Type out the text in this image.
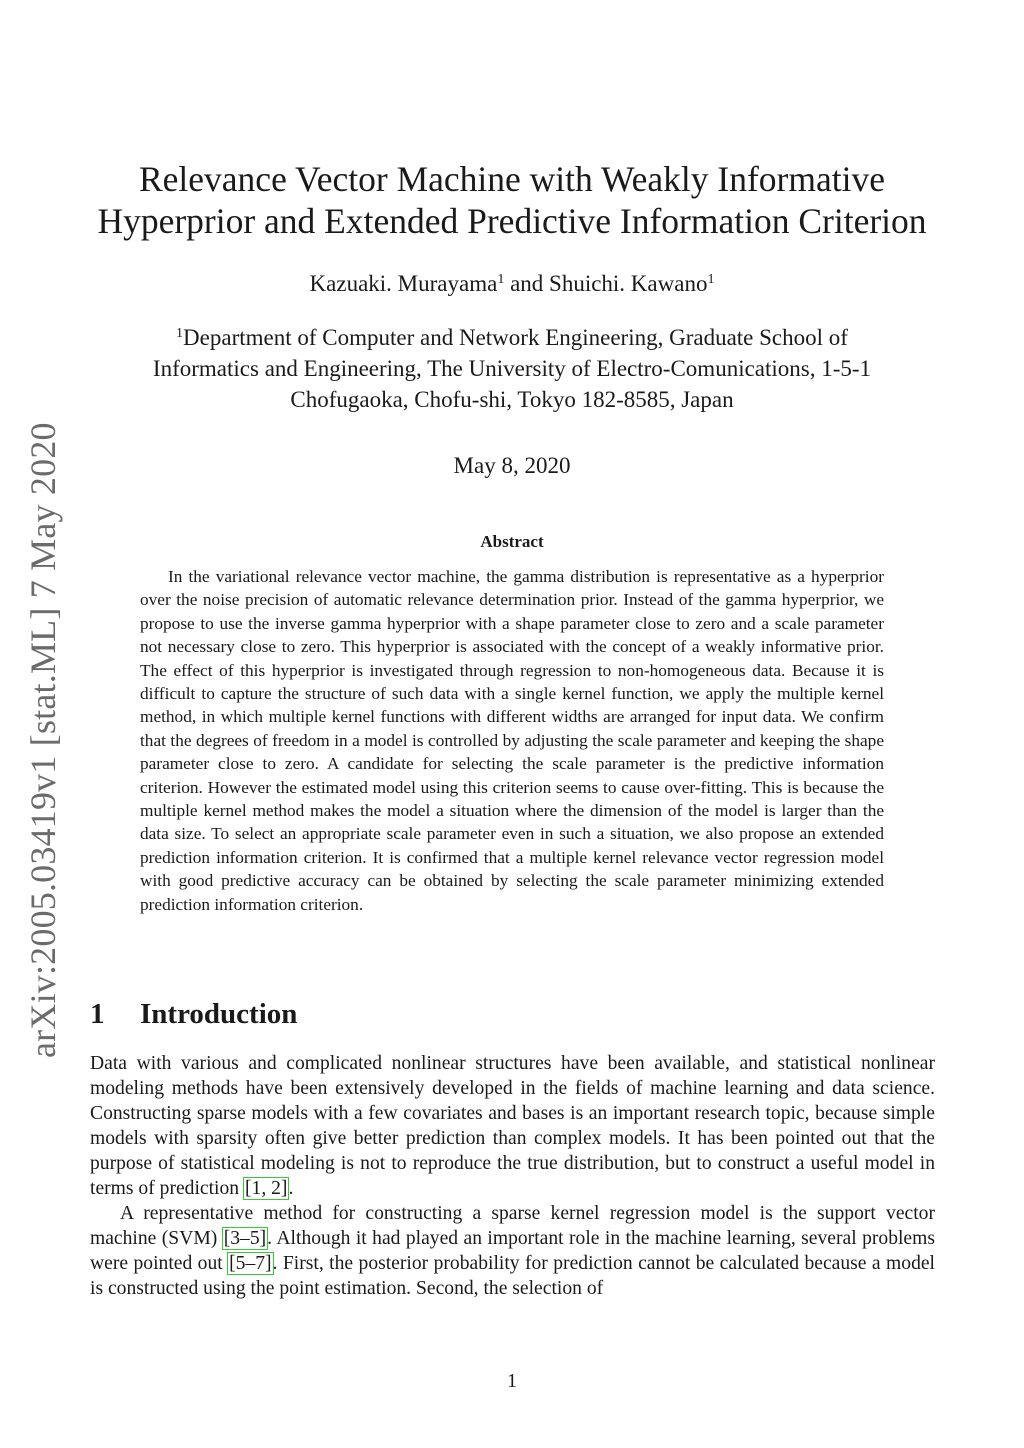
arXiv:2005.03419v1 [stat.ML] 7 May 2020
Relevance Vector Machine with Weakly Informative
Hyperprior and Extended Predictive Information Criterion
Kazuaki. Murayama$^1$ and Shuichi. Kawano$^1$
$^1$Department of Computer and Network Engineering, Graduate School of
Informatics and Engineering, The University of Electro-Comunications, 1-5-1
Chofugaoka, Chofu-shi, Tokyo 182-8585, Japan
May 8, 2020
Abstract

In the variational relevance vector machine, the gamma distribution is representative as a hyperprior over the noise precision of automatic relevance determination prior. Instead of the gamma hyperprior, we propose to use the inverse gamma hyperprior with a shape parameter close to zero and a scale parameter not necessary close to zero. This hyperprior is associated with the concept of a weakly informative prior. The effect of this hyperprior is investigated through regression to non-homogeneous data. Because it is difficult to capture the structure of such data with a single kernel function, we apply the multiple kernel method, in which multiple kernel functions with different widths are arranged for input data. We confirm that the degrees of freedom in a model is controlled by adjusting the scale parameter and keeping the shape parameter close to zero. A candidate for selecting the scale parameter is the predictive information criterion. However the estimated model using this criterion seems to cause over-fitting. This is because the multiple kernel method makes the model a situation where the dimension of the model is larger than the data size. To select an appropriate scale parameter even in such a situation, we also propose an extended prediction information criterion. It is confirmed that a multiple kernel relevance vector regression model with good predictive accuracy can be obtained by selecting the scale parameter minimizing extended prediction information criterion.

1 Introduction

Data with various and complicated nonlinear structures have been available, and statistical nonlinear modeling methods have been extensively developed in the fields of machine learning and data science. Constructing sparse models with a few covariates and bases is an important research topic, because simple models with sparsity often give better prediction than complex models. It has been pointed out that the purpose of statistical modeling is not to reproduce the true distribution, but to construct a useful model in terms of prediction [1, 2].

A representative method for constructing a sparse kernel regression model is the support vector machine (SVM) [3–5]. Although it had played an important role in the machine learning, several problems were pointed out [5–7]. First, the posterior probability for prediction cannot be calculated because a model is constructed using the point estimation. Second, the selection of

1
